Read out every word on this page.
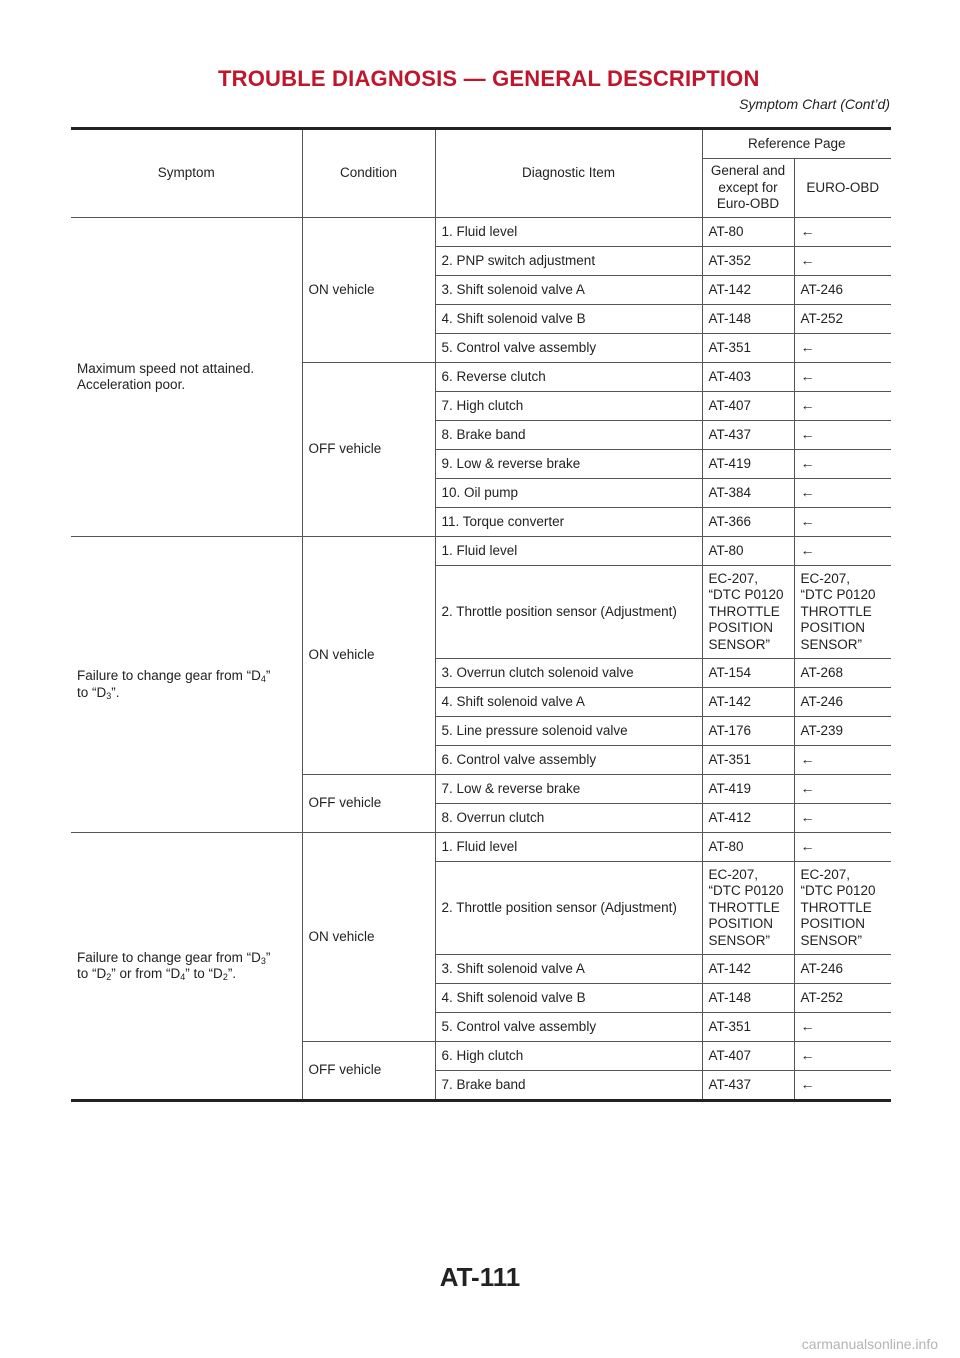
TROUBLE DIAGNOSIS — GENERAL DESCRIPTION
Symptom Chart (Cont’d)
Symptom	Condition	Diagnostic Item	Reference Page	
			General and except for Euro-OBD	EURO-OBD
Maximum speed not attained.
Acceleration poor.	ON vehicle	1. Fluid level	AT-80	←
		2. PNP switch adjustment	AT-352	←
		3. Shift solenoid valve A	AT-142	AT-246
		4. Shift solenoid valve B	AT-148	AT-252
		5. Control valve assembly	AT-351	←
	OFF vehicle	6. Reverse clutch	AT-403	←
		7. High clutch	AT-407	←
		8. Brake band	AT-437	←
		9. Low & reverse brake	AT-419	←
		10. Oil pump	AT-384	←
		11. Torque converter	AT-366	←
Failure to change gear from “$D_4$”
to “$D_3$”.	ON vehicle	1. Fluid level	AT-80	←
		2. Throttle position sensor (Adjustment)	EC-207,
“DTC P0120
THROTTLE
POSITION
SENSOR”	EC-207,
“DTC P0120
THROTTLE
POSITION
SENSOR”
		3. Overrun clutch solenoid valve	AT-154	AT-268
		4. Shift solenoid valve A	AT-142	AT-246
		5. Line pressure solenoid valve	AT-176	AT-239
		6. Control valve assembly	AT-351	←
	OFF vehicle	7. Low & reverse brake	AT-419	←
		8. Overrun clutch	AT-412	←
Failure to change gear from “$D_3$”
to “$D_2$” or from “$D_4$” to “$D_2$”.	ON vehicle	1. Fluid level	AT-80	←
		2. Throttle position sensor (Adjustment)	EC-207,
“DTC P0120
THROTTLE
POSITION
SENSOR”	EC-207,
“DTC P0120
THROTTLE
POSITION
SENSOR”
		3. Shift solenoid valve A	AT-142	AT-246
		4. Shift solenoid valve B	AT-148	AT-252
		5. Control valve assembly	AT-351	←
	OFF vehicle	6. High clutch	AT-407	←
		7. Brake band	AT-437	←
AT-111
carmanualsonline.info
